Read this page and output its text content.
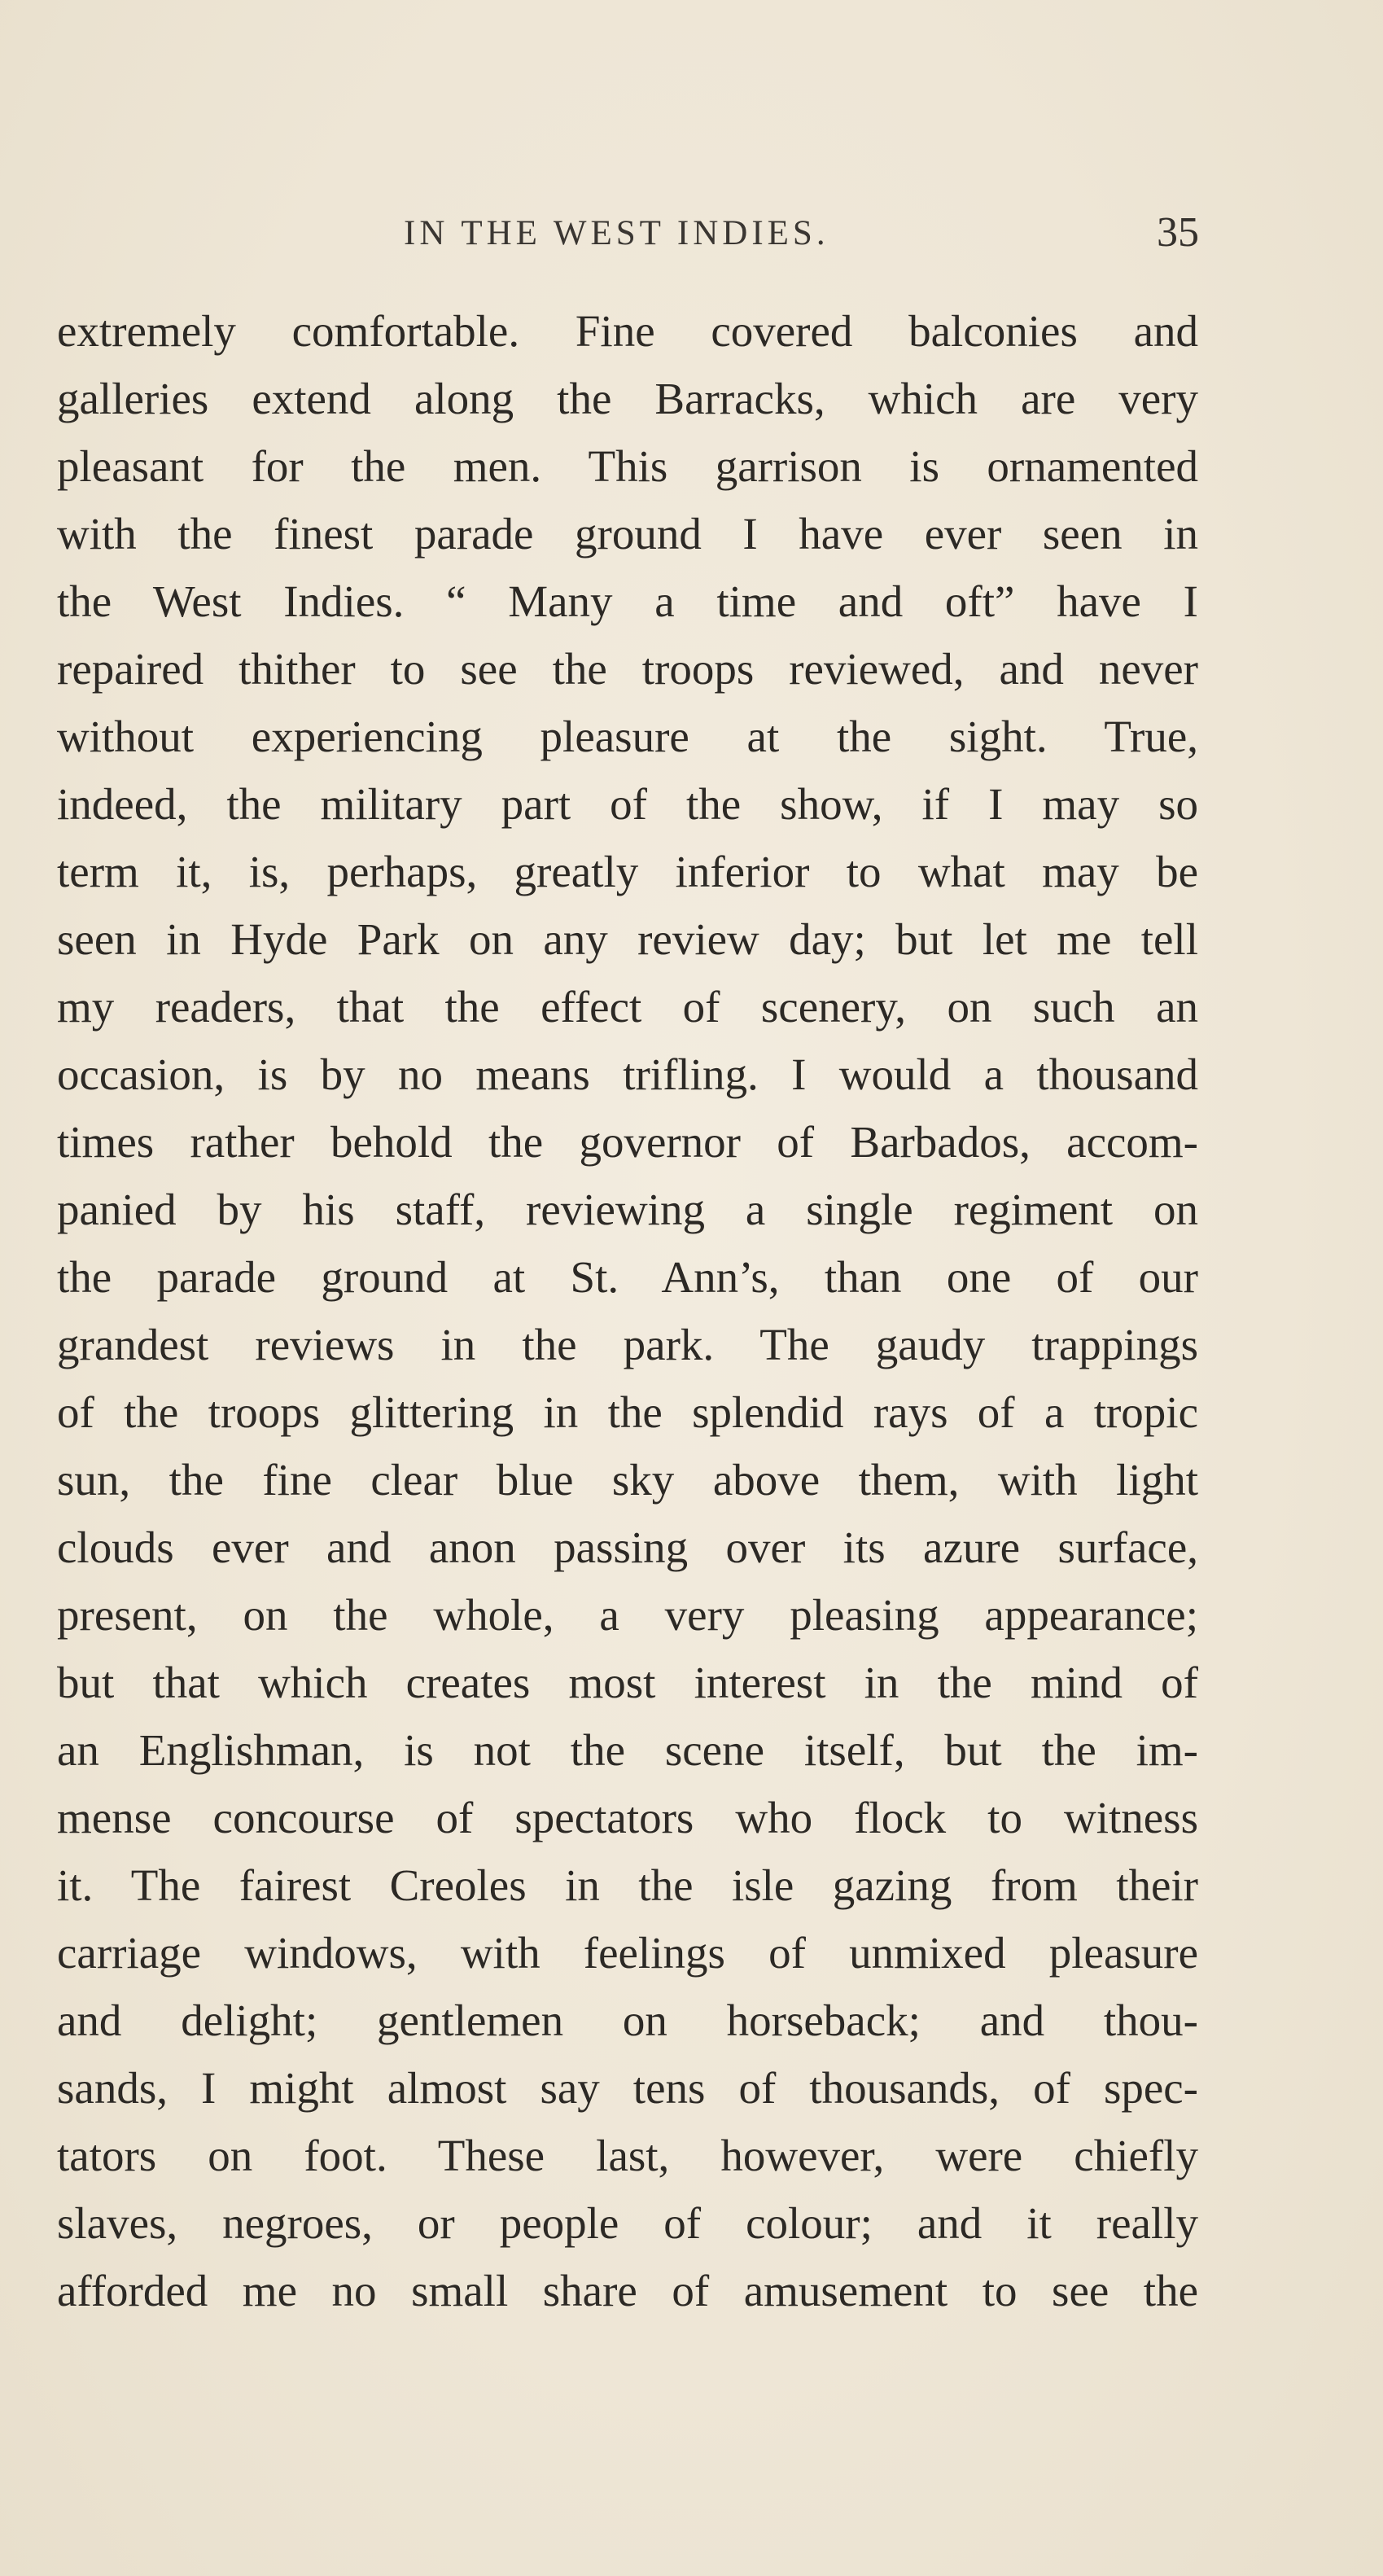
IN THE WEST INDIES.	35
extremely comfortable. Fine covered balconies and
galleries extend along the Barracks, which are very
pleasant for the men. This garrison is ornamented
with the finest parade ground I have ever seen in
the West Indies. “ Many a time and oft” have I
repaired thither to see the troops reviewed, and never
without experiencing pleasure at the sight. True,
indeed, the military part of the show, if I may so
term it, is, perhaps, greatly inferior to what may be
seen in Hyde Park on any review day; but let me tell
my readers, that the effect of scenery, on such an
occasion, is by no means trifling. I would a thousand
times rather behold the governor of Barbados, accom-
panied by his staff, reviewing a single regiment on
the parade ground at St. Ann’s, than one of our
grandest reviews in the park. The gaudy trappings
of the troops glittering in the splendid rays of a tropic
sun, the fine clear blue sky above them, with light
clouds ever and anon passing over its azure surface,
present, on the whole, a very pleasing appearance;
but that which creates most interest in the mind of
an Englishman, is not the scene itself, but the im-
mense concourse of spectators who flock to witness
it. The fairest Creoles in the isle gazing from their
carriage windows, with feelings of unmixed pleasure
and delight; gentlemen on horseback; and thou-
sands, I might almost say tens of thousands, of spec-
tators on foot. These last, however, were chiefly
slaves, negroes, or people of colour; and it really
afforded me no small share of amusement to see the
